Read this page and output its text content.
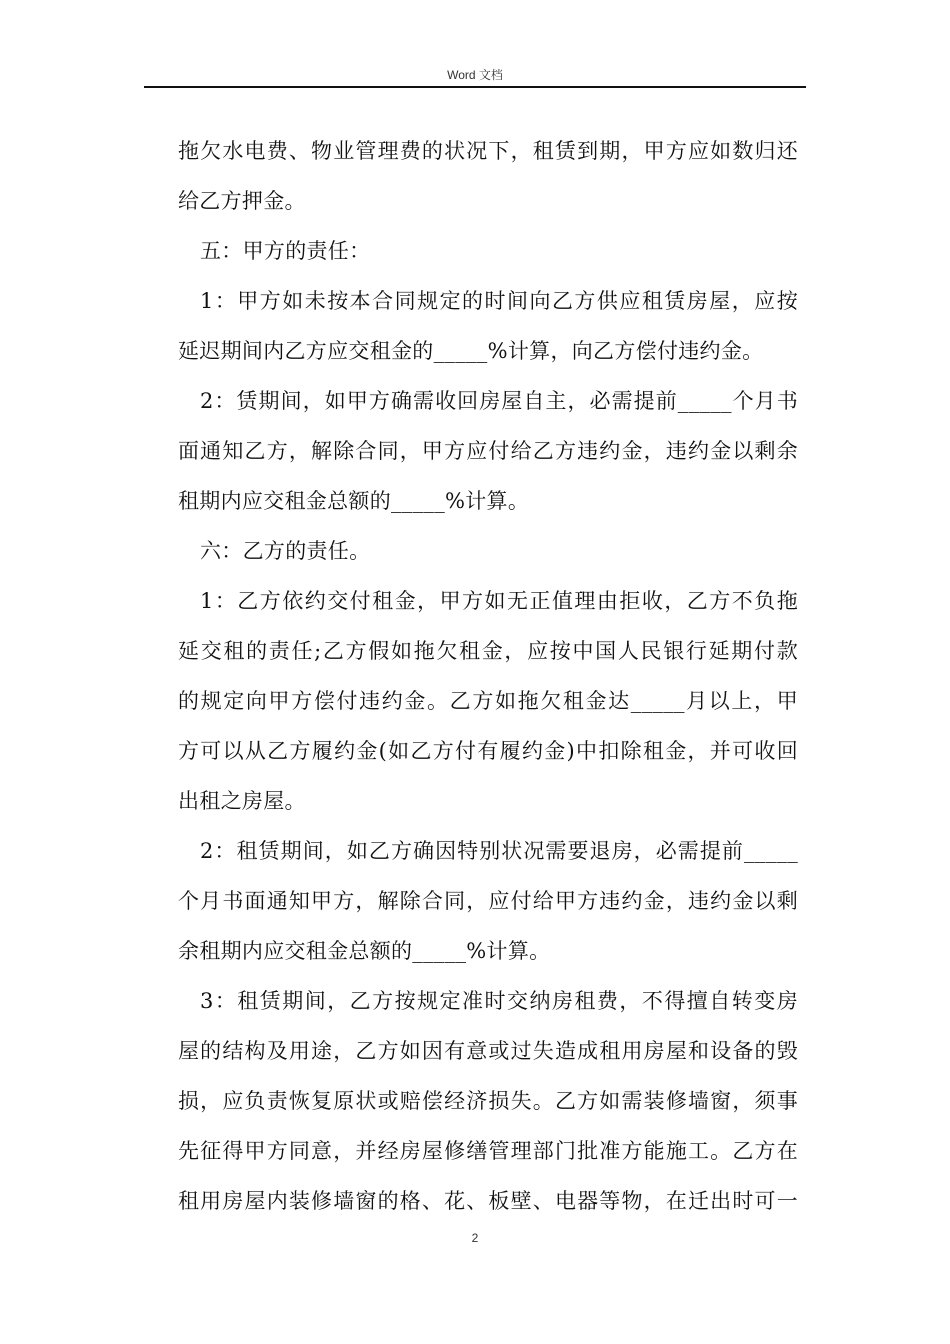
Word 文档
拖欠水电费、物业管理费的状况下，租赁到期，甲方应如数归还
给乙方押金。
五：甲方的责任：
1：甲方如未按本合同规定的时间向乙方供应租赁房屋，应按
延迟期间内乙方应交租金的_____%计算，向乙方偿付违约金。
2：赁期间，如甲方确需收回房屋自主，必需提前_____个月书
面通知乙方，解除合同，甲方应付给乙方违约金，违约金以剩余
租期内应交租金总额的_____%计算。
六：乙方的责任。
1：乙方依约交付租金，甲方如无正值理由拒收，乙方不负拖
延交租的责任;乙方假如拖欠租金，应按中国人民银行延期付款
的规定向甲方偿付违约金。乙方如拖欠租金达_____月以上，甲
方可以从乙方履约金(如乙方付有履约金)中扣除租金，并可收回
出租之房屋。
2：租赁期间，如乙方确因特别状况需要退房，必需提前_____
个月书面通知甲方，解除合同，应付给甲方违约金，违约金以剩
余租期内应交租金总额的_____%计算。
3：租赁期间，乙方按规定准时交纳房租费，不得擅自转变房
屋的结构及用途，乙方如因有意或过失造成租用房屋和设备的毁
损，应负责恢复原状或赔偿经济损失。乙方如需装修墙窗，须事
先征得甲方同意，并经房屋修缮管理部门批准方能施工。乙方在
租用房屋内装修墙窗的格、花、板壁、电器等物，在迁出时可一
2
